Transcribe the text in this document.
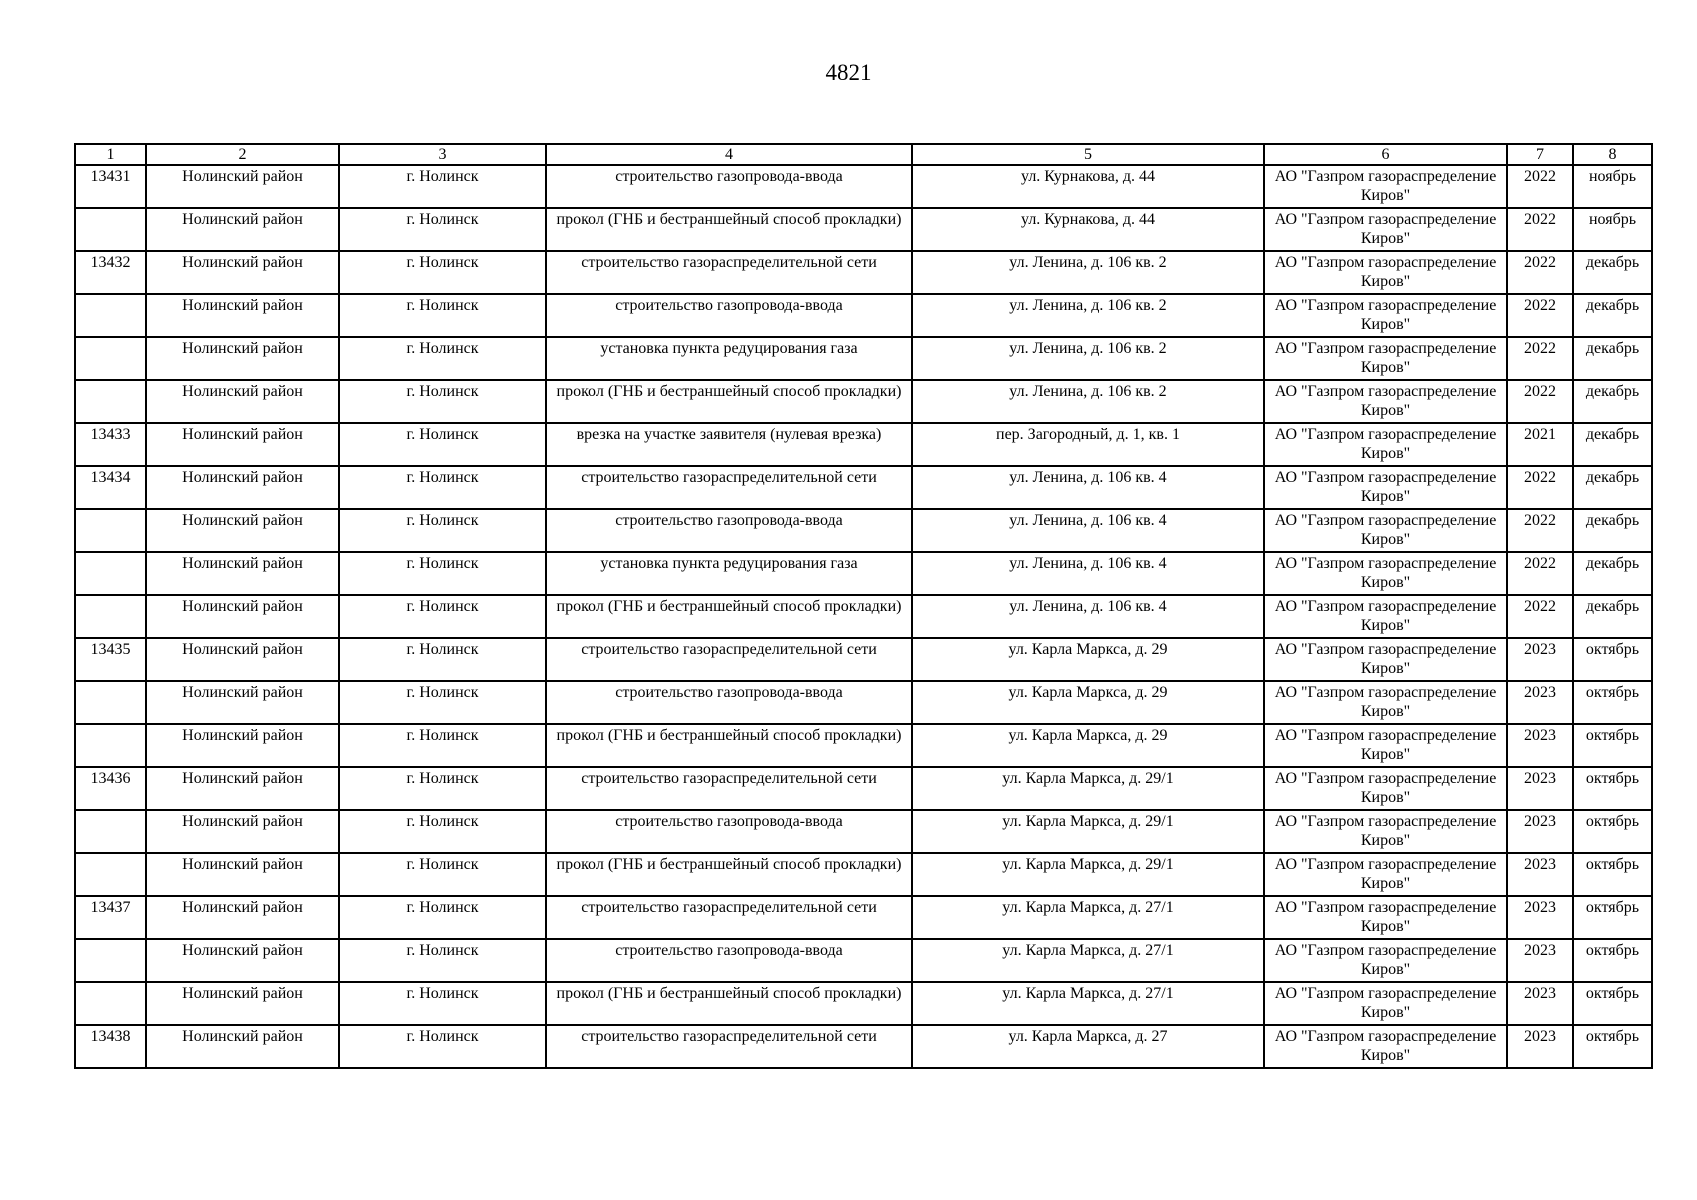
4821
1	2	3	4	5	6	7	8
13431	Нолинский район	г. Нолинск	строительство газопровода-ввода	ул. Курнакова, д. 44	АО "Газпром газораспределение Киров"	2022	ноябрь
	Нолинский район	г. Нолинск	прокол (ГНБ и бестраншейный способ прокладки)	ул. Курнакова, д. 44	АО "Газпром газораспределение Киров"	2022	ноябрь
13432	Нолинский район	г. Нолинск	строительство газораспределительной сети	ул. Ленина, д. 106 кв. 2	АО "Газпром газораспределение Киров"	2022	декабрь
	Нолинский район	г. Нолинск	строительство газопровода-ввода	ул. Ленина, д. 106 кв. 2	АО "Газпром газораспределение Киров"	2022	декабрь
	Нолинский район	г. Нолинск	установка пункта редуцирования газа	ул. Ленина, д. 106 кв. 2	АО "Газпром газораспределение Киров"	2022	декабрь
	Нолинский район	г. Нолинск	прокол (ГНБ и бестраншейный способ прокладки)	ул. Ленина, д. 106 кв. 2	АО "Газпром газораспределение Киров"	2022	декабрь
13433	Нолинский район	г. Нолинск	врезка на участке заявителя (нулевая врезка)	пер. Загородный, д. 1, кв. 1	АО "Газпром газораспределение Киров"	2021	декабрь
13434	Нолинский район	г. Нолинск	строительство газораспределительной сети	ул. Ленина, д. 106 кв. 4	АО "Газпром газораспределение Киров"	2022	декабрь
	Нолинский район	г. Нолинск	строительство газопровода-ввода	ул. Ленина, д. 106 кв. 4	АО "Газпром газораспределение Киров"	2022	декабрь
	Нолинский район	г. Нолинск	установка пункта редуцирования газа	ул. Ленина, д. 106 кв. 4	АО "Газпром газораспределение Киров"	2022	декабрь
	Нолинский район	г. Нолинск	прокол (ГНБ и бестраншейный способ прокладки)	ул. Ленина, д. 106 кв. 4	АО "Газпром газораспределение Киров"	2022	декабрь
13435	Нолинский район	г. Нолинск	строительство газораспределительной сети	ул. Карла Маркса, д. 29	АО "Газпром газораспределение Киров"	2023	октябрь
	Нолинский район	г. Нолинск	строительство газопровода-ввода	ул. Карла Маркса, д. 29	АО "Газпром газораспределение Киров"	2023	октябрь
	Нолинский район	г. Нолинск	прокол (ГНБ и бестраншейный способ прокладки)	ул. Карла Маркса, д. 29	АО "Газпром газораспределение Киров"	2023	октябрь
13436	Нолинский район	г. Нолинск	строительство газораспределительной сети	ул. Карла Маркса, д. 29/1	АО "Газпром газораспределение Киров"	2023	октябрь
	Нолинский район	г. Нолинск	строительство газопровода-ввода	ул. Карла Маркса, д. 29/1	АО "Газпром газораспределение Киров"	2023	октябрь
	Нолинский район	г. Нолинск	прокол (ГНБ и бестраншейный способ прокладки)	ул. Карла Маркса, д. 29/1	АО "Газпром газораспределение Киров"	2023	октябрь
13437	Нолинский район	г. Нолинск	строительство газораспределительной сети	ул. Карла Маркса, д. 27/1	АО "Газпром газораспределение Киров"	2023	октябрь
	Нолинский район	г. Нолинск	строительство газопровода-ввода	ул. Карла Маркса, д. 27/1	АО "Газпром газораспределение Киров"	2023	октябрь
	Нолинский район	г. Нолинск	прокол (ГНБ и бестраншейный способ прокладки)	ул. Карла Маркса, д. 27/1	АО "Газпром газораспределение Киров"	2023	октябрь
13438	Нолинский район	г. Нолинск	строительство газораспределительной сети	ул. Карла Маркса, д. 27	АО "Газпром газораспределение Киров"	2023	октябрь
